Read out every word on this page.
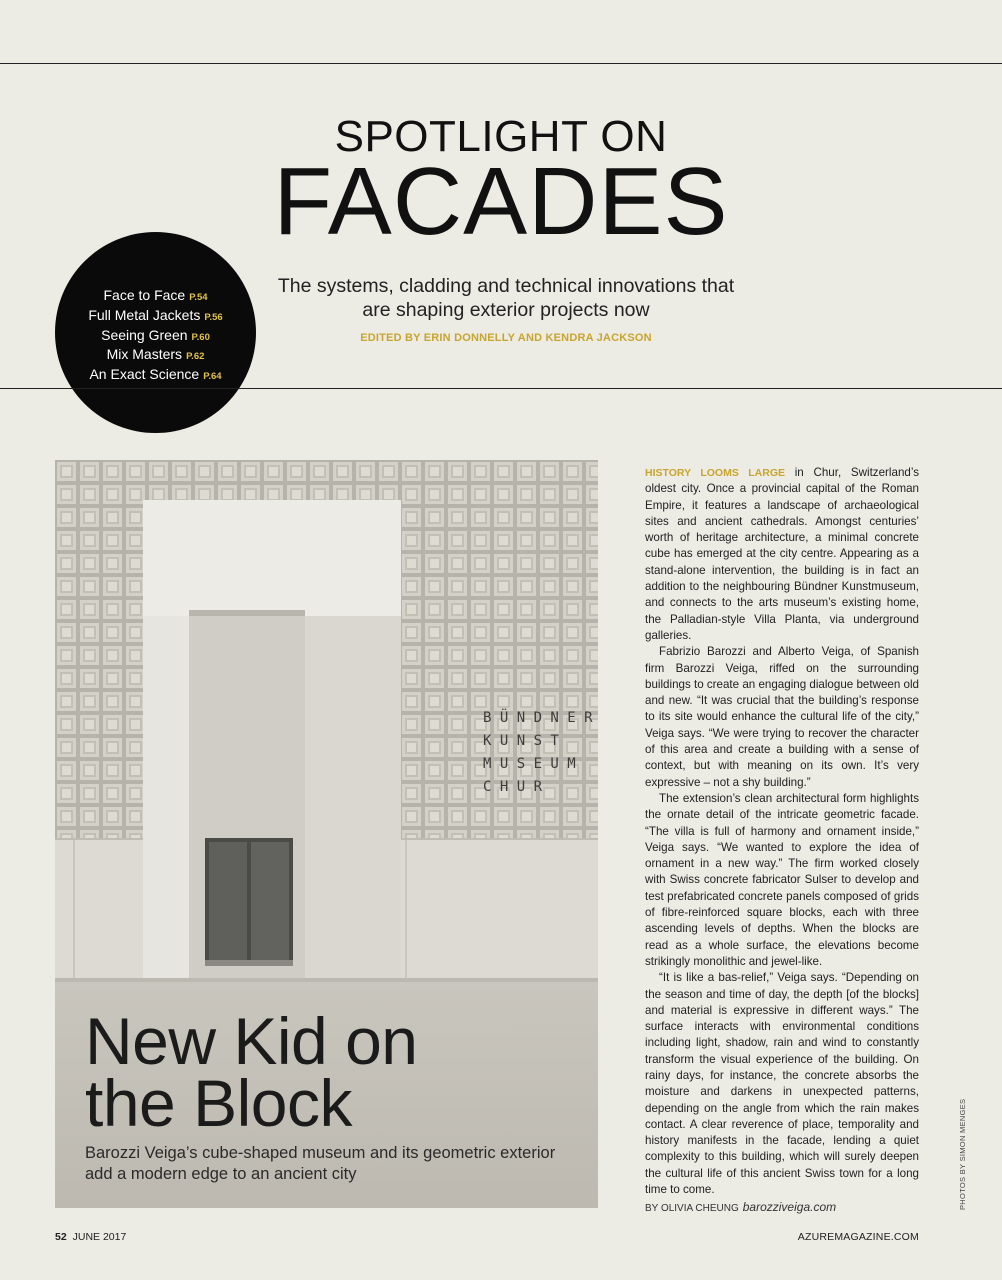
SPOTLIGHT ON
FACADES
The systems, cladding and technical innovations that are shaping exterior projects now
EDITED BY ERIN DONNELLY AND KENDRA JACKSON
Face to Face P.54
Full Metal Jackets P.56
Seeing Green P.60
Mix Masters P.62
An Exact Science P.64
B Ü N D N E R
K U N S T
M U S E U M
C H U R
New Kid on
the Block
Barozzi Veiga’s cube-shaped museum and its geometric exterior add a modern edge to an ancient city

HISTORY LOOMS LARGE in Chur, Switzerland’s oldest city. Once a provincial capital of the Roman Empire, it features a landscape of archaeological sites and ancient cathedrals. Amongst centuries’ worth of heritage architecture, a minimal concrete cube has emerged at the city centre. Appearing as a stand-alone intervention, the building is in fact an addition to the neighbouring Bündner Kunstmuseum, and connects to the arts museum’s existing home, the Palladian-style Villa Planta, via underground galleries.

Fabrizio Barozzi and Alberto Veiga, of Spanish firm Barozzi Veiga, riffed on the surrounding buildings to create an engaging dialogue between old and new. “It was crucial that the building’s response to its site would enhance the cultural life of the city,” Veiga says. “We were trying to recover the character of this area and create a building with a sense of context, but with meaning on its own. It’s very expressive – not a shy building.”

The extension’s clean architectural form highlights the ornate detail of the intricate geometric facade. “The villa is full of harmony and ornament inside,” Veiga says. “We wanted to explore the idea of ornament in a new way.” The firm worked closely with Swiss concrete fabricator Sulser to develop and test prefabricated concrete panels composed of grids of fibre-reinforced square blocks, each with three ascending levels of depths. When the blocks are read as a whole surface, the elevations become strikingly monolithic and jewel-like.

“It is like a bas-relief,” Veiga says. “Depending on the season and time of day, the depth [of the blocks] and material is expressive in different ways.” The surface interacts with environmental conditions including light, shadow, rain and wind to constantly transform the visual experience of the building. On rainy days, for instance, the concrete absorbs the moisture and darkens in unexpected patterns, depending on the angle from which the rain makes contact. A clear reverence of place, temporality and history manifests in the facade, lending a quiet complexity to this building, which will surely deepen the cultural life of this ancient Swiss town for a long time to come.

BY OLIVIA CHEUNG barozziveiga.com	PHOTOS BY SIMON MENGES
52 JUNE 2017	AZUREMAGAZINE.COM
